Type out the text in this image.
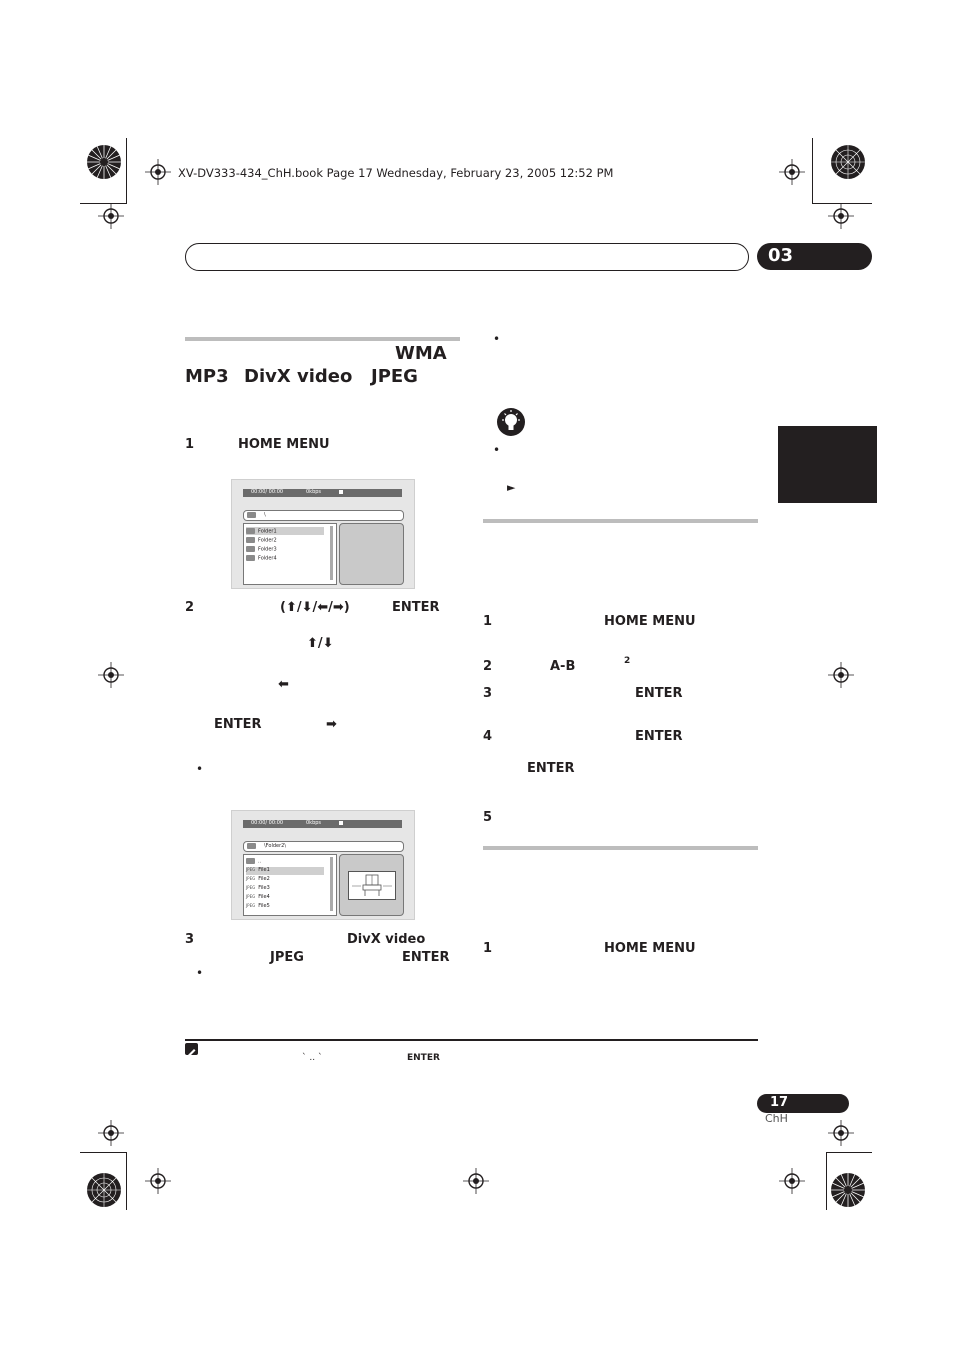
XV-DV333-434_ChH.book Page 17 Wednesday, February 23, 2005 12:52 PM
03
WMA
MP3 DivX video JPEG
1	HOME MENU
00:00/ 00:00	0kbps
\
Folder1
Folder2
Folder3
Folder4
2	(⬆/⬇/⬅/➡)	ENTER
⬆/⬇
⬅
ENTER	➡
•
00:00/ 00:00	0kbps
\Folder2\
..
JPEG File1
JPEG File2
JPEG File3
JPEG File4
JPEG File5
3	DivX video
JPEG	ENTER
•
•
•
►
1	HOME MENU
2	A-B	2
3	ENTER
4	ENTER
ENTER
5
1	HOME MENU
` .. `	ENTER
17
ChH
